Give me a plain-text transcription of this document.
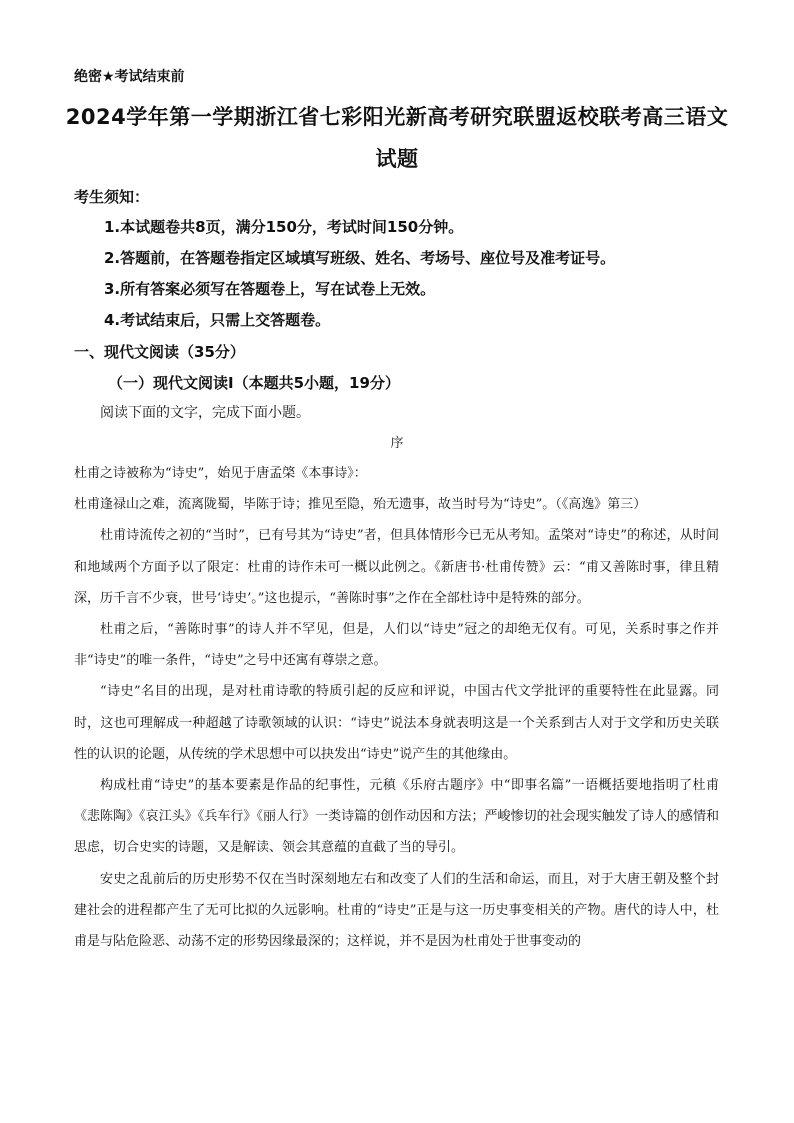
绝密★考试结束前
2024学年第一学期浙江省七彩阳光新高考研究联盟返校联考高三语文
试题
考生须知：
1.本试题卷共8页，满分150分，考试时间150分钟。
2.答题前，在答题卷指定区域填写班级、姓名、考场号、座位号及准考证号。
3.所有答案必须写在答题卷上，写在试卷上无效。
4.考试结束后，只需上交答题卷。
一、现代文阅读（35分）
（一）现代文阅读Ⅰ（本题共5小题，19分）
阅读下面的文字，完成下面小题。
序

杜甫之诗被称为“诗史”，始见于唐孟棨《本事诗》：

杜甫逢禄山之难，流离陇蜀，毕陈于诗；推见至隐，殆无遗事，故当时号为“诗史”。（《高逸》第三）

杜甫诗流传之初的“当时”，已有号其为“诗史”者，但具体情形今已无从考知。孟棨对“诗史”的称述，从时间和地域两个方面予以了限定：杜甫的诗作未可一概以此例之。《新唐书·杜甫传赞》云：“甫又善陈时事，律且精深，历千言不少衰，世号‘诗史’。”这也提示，“善陈时事”之作在全部杜诗中是特殊的部分。

杜甫之后，“善陈时事”的诗人并不罕见，但是，人们以“诗史”冠之的却绝无仅有。可见，关系时事之作并非“诗史”的唯一条件，“诗史”之号中还寓有尊崇之意。

“诗史”名目的出现，是对杜甫诗歌的特质引起的反应和评说，中国古代文学批评的重要特性在此显露。同时，这也可理解成一种超越了诗歌领域的认识：“诗史”说法本身就表明这是一个关系到古人对于文学和历史关联性的认识的论题，从传统的学术思想中可以抉发出“诗史”说产生的其他缘由。

构成杜甫“诗史”的基本要素是作品的纪事性，元稹《乐府古题序》中“即事名篇”一语概括要地指明了杜甫《悲陈陶》《哀江头》《兵车行》《丽人行》一类诗篇的创作动因和方法；严峻惨切的社会现实触发了诗人的感情和思虑，切合史实的诗题，又是解读、领会其意蕴的直截了当的导引。

安史之乱前后的历史形势不仅在当时深刻地左右和改变了人们的生活和命运，而且，对于大唐王朝及整个封建社会的进程都产生了无可比拟的久远影响。杜甫的“诗史”正是与这一历史事变相关的产物。唐代的诗人中，杜甫是与阽危险恶、动荡不定的形势因缘最深的；这样说，并不是因为杜甫处于世事变动的
